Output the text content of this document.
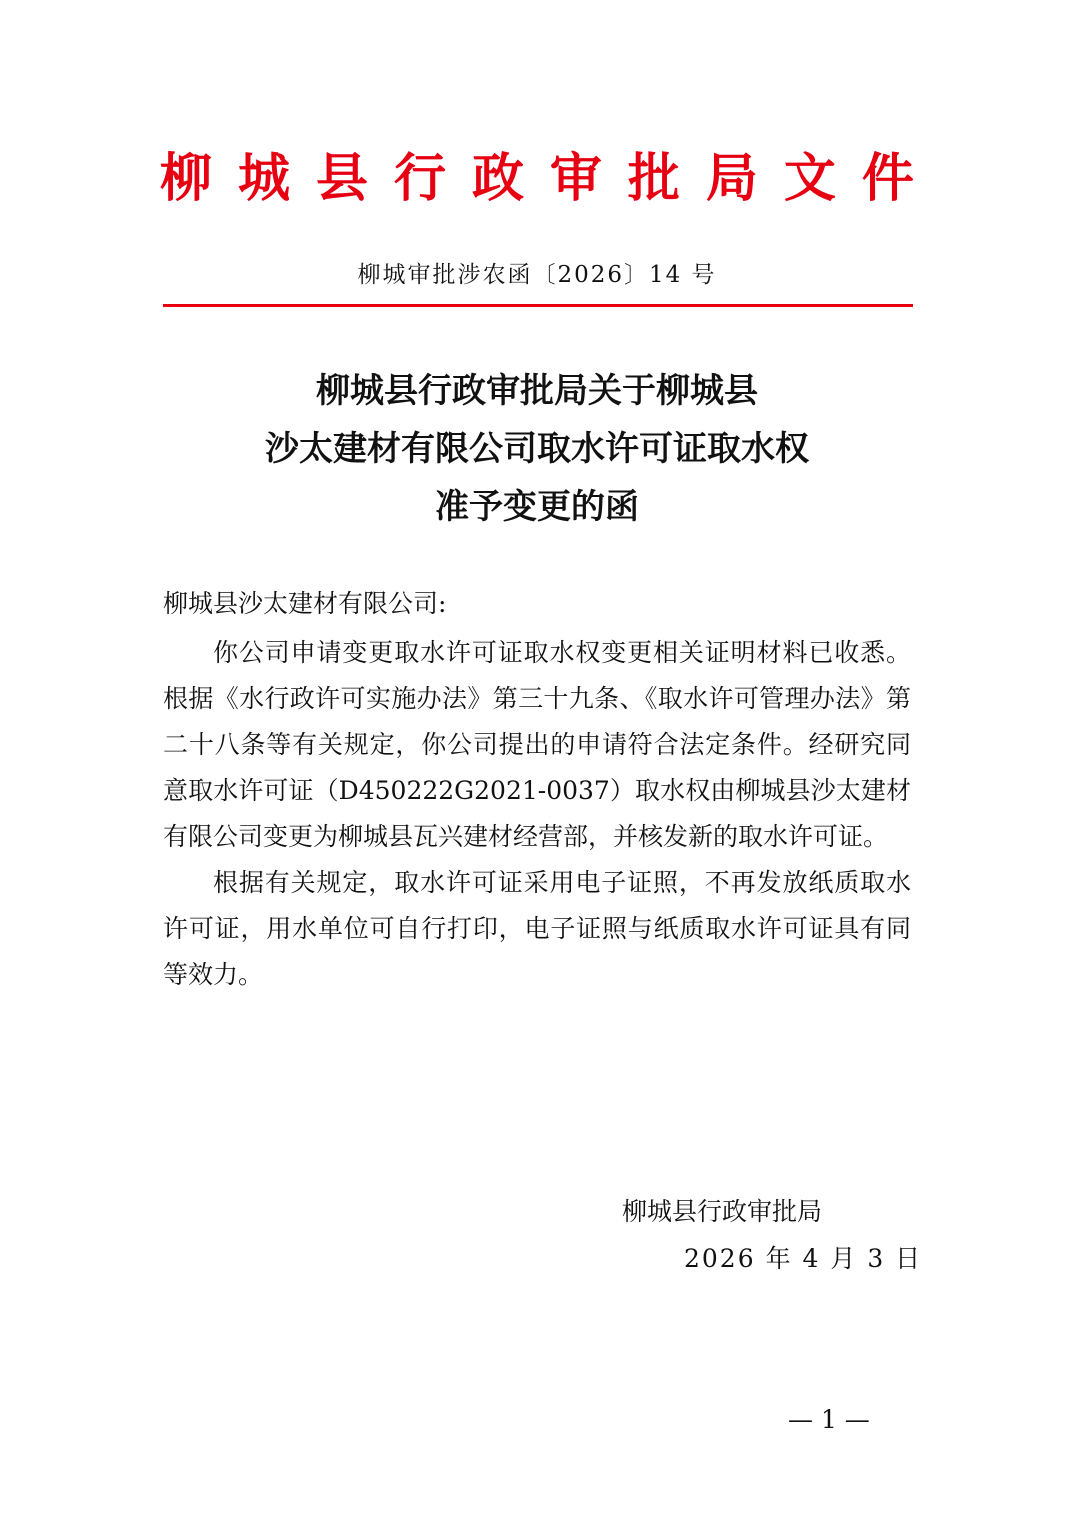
柳 城 县 行 政 审 批 局 文 件
柳城审批涉农函〔2026〕14 号
柳城县行政审批局关于柳城县
沙太建材有限公司取水许可证取水权
准予变更的函
柳城县沙太建材有限公司:

你公司申请变更取水许可证取水权变更相关证明材料已收悉。根据《水行政许可实施办法》第三十九条、《取水许可管理办法》第二十八条等有关规定，你公司提出的申请符合法定条件。经研究同意取水许可证（D450222G2021-0037）取水权由柳城县沙太建材有限公司变更为柳城县瓦兴建材经营部，并核发新的取水许可证。

根据有关规定，取水许可证采用电子证照，不再发放纸质取水许可证，用水单位可自行打印，电子证照与纸质取水许可证具有同等效力。

柳城县行政审批局
2026 年 4 月 3 日
— 1 —
